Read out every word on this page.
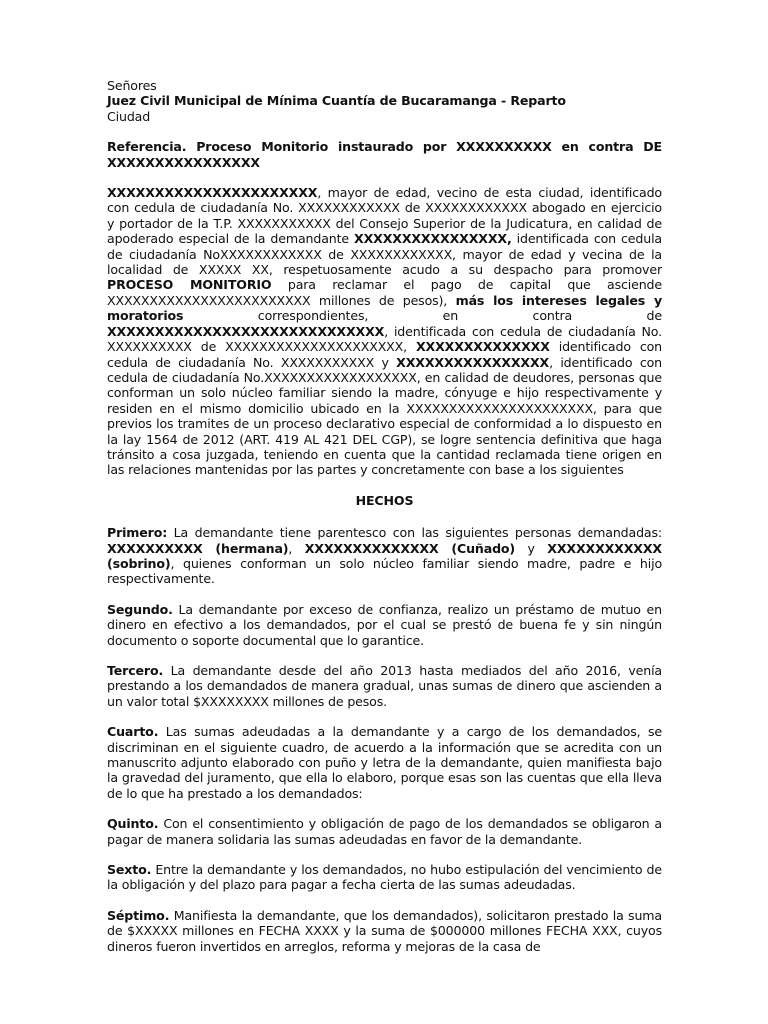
Señores
Juez Civil Municipal de Mínima Cuantía de Bucaramanga - Reparto
Ciudad

Referencia. Proceso Monitorio instaurado por XXXXXXXXXX en contra DE XXXXXXXXXXXXXXXX

XXXXXXXXXXXXXXXXXXXXXX, mayor de edad, vecino de esta ciudad, identificado con cedula de ciudadanía No. XXXXXXXXXXXX de XXXXXXXXXXXX abogado en ejercicio y portador de la T.P. XXXXXXXXXXX del Consejo Superior de la Judicatura, en calidad de apoderado especial de la demandante XXXXXXXXXXXXXXXX, identificada con cedula de ciudadanía NoXXXXXXXXXXXX de XXXXXXXXXXXX, mayor de edad y vecina de la localidad de XXXXX XX, respetuosamente acudo a su despacho para promover PROCESO MONITORIO para reclamar el pago de capital que asciende XXXXXXXXXXXXXXXXXXXXXXXX millones de pesos), más los intereses legales y moratorios correspondientes, en contra de XXXXXXXXXXXXXXXXXXXXXXXXXXXXX, identificada con cedula de ciudadanía No. XXXXXXXXXX de XXXXXXXXXXXXXXXXXXXXX, XXXXXXXXXXXXXX identificado con cedula de ciudadanía No. XXXXXXXXXXX y XXXXXXXXXXXXXXXX, identificado con cedula de ciudadanía No.XXXXXXXXXXXXXXXXXX, en calidad de deudores, personas que conforman un solo núcleo familiar siendo la madre, cónyuge e hijo respectivamente y residen en el mismo domicilio ubicado en la XXXXXXXXXXXXXXXXXXXXXX, para que previos los tramites de un proceso declarativo especial de conformidad a lo dispuesto en la lay 1564 de 2012 (ART. 419 AL 421 DEL CGP), se logre sentencia definitiva que haga tránsito a cosa juzgada, teniendo en cuenta que la cantidad reclamada tiene origen en las relaciones mantenidas por las partes y concretamente con base a los siguientes

HECHOS

Primero: La demandante tiene parentesco con las siguientes personas demandadas: XXXXXXXXXX (hermana), XXXXXXXXXXXXXX (Cuñado) y XXXXXXXXXXXX (sobrino), quienes conforman un solo núcleo familiar siendo madre, padre e hijo respectivamente.

Segundo. La demandante por exceso de confianza, realizo un préstamo de mutuo en dinero en efectivo a los demandados, por el cual se prestó de buena fe y sin ningún documento o soporte documental que lo garantice.

Tercero. La demandante desde del año 2013 hasta mediados del año 2016, venía prestando a los demandados de manera gradual, unas sumas de dinero que ascienden a un valor total $XXXXXXXX millones de pesos.

Cuarto. Las sumas adeudadas a la demandante y a cargo de los demandados, se discriminan en el siguiente cuadro, de acuerdo a la información que se acredita con un manuscrito adjunto elaborado con puño y letra de la demandante, quien manifiesta bajo la gravedad del juramento, que ella lo elaboro, porque esas son las cuentas que ella lleva de lo que ha prestado a los demandados:

Quinto. Con el consentimiento y obligación de pago de los demandados se obligaron a pagar de manera solidaria las sumas adeudadas en favor de la demandante.

Sexto. Entre la demandante y los demandados, no hubo estipulación del vencimiento de la obligación y del plazo para pagar a fecha cierta de las sumas adeudadas.

Séptimo. Manifiesta la demandante, que los demandados), solicitaron prestado la suma de $XXXXX millones en FECHA XXXX y la suma de $000000 millones FECHA XXX, cuyos dineros fueron invertidos en arreglos, reforma y mejoras de la casa de
